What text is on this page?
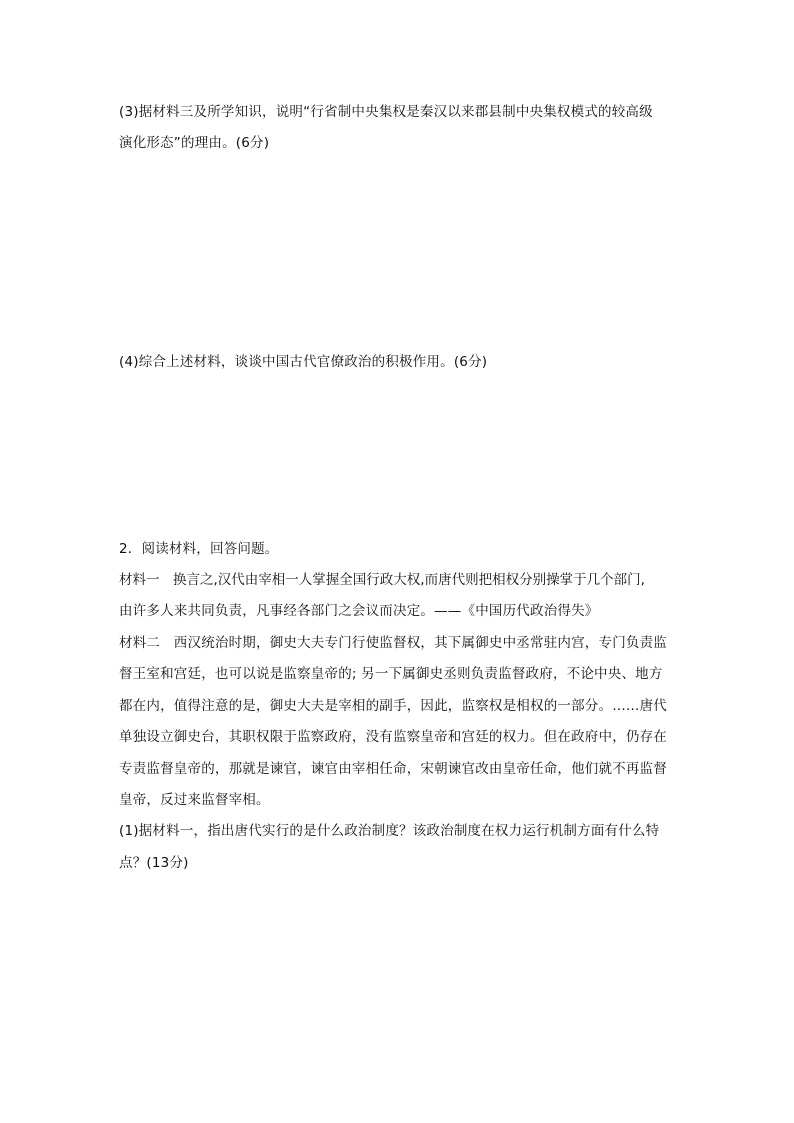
(3)据材料三及所学知识，说明“行省制中央集权是秦汉以来郡县制中央集权模式的较高级
演化形态”的理由。(6分)
(4)综合上述材料，谈谈中国古代官僚政治的积极作用。(6分)
2．阅读材料，回答问题。
材料一　换言之,汉代由宰相一人掌握全国行政大权,而唐代则把相权分别操掌于几个部门,
由许多人来共同负责，凡事经各部门之会议而决定。——《中国历代政治得失》
材料二　西汉统治时期，御史大夫专门行使监督权，其下属御史中丞常驻内宫，专门负责监
督王室和宫廷，也可以说是监察皇帝的; 另一下属御史丞则负责监督政府，不论中央、地方
都在内，值得注意的是，御史大夫是宰相的副手，因此，监察权是相权的一部分。……唐代
单独设立御史台，其职权限于监察政府，没有监察皇帝和宫廷的权力。但在政府中，仍存在
专责监督皇帝的，那就是谏官，谏官由宰相任命，宋朝谏官改由皇帝任命，他们就不再监督
皇帝，反过来监督宰相。
(1)据材料一，指出唐代实行的是什么政治制度？该政治制度在权力运行机制方面有什么特
点？(13分)
